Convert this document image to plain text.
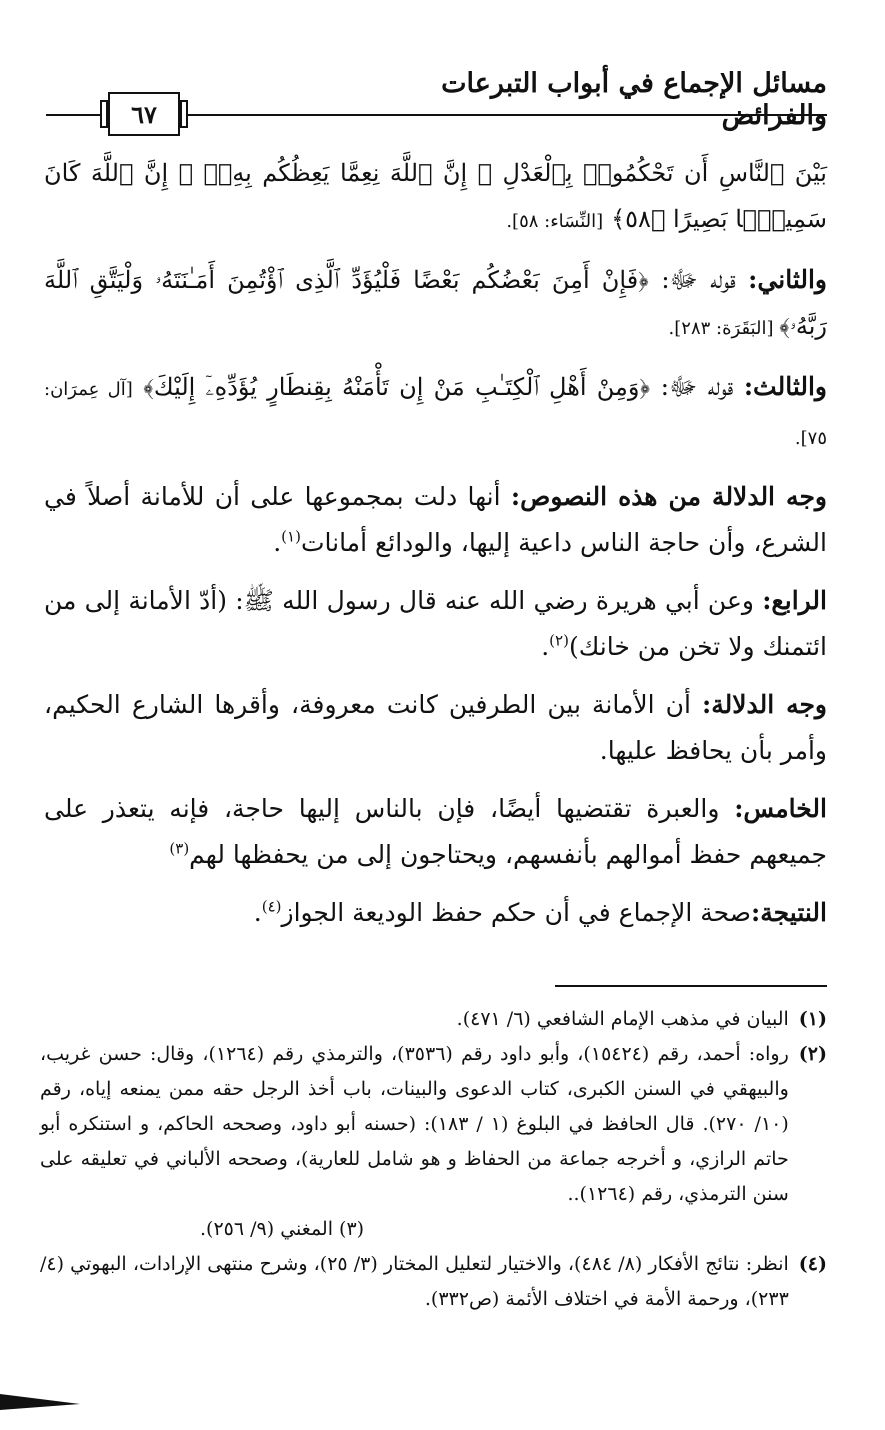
مسائل الإجماع في أبواب التبرعات والفرائض
٦٧

بَيْنَ ٱلنَّاسِ أَن تَحْكُمُوا۟ بِٱلْعَدْلِ ۚ إِنَّ ٱللَّهَ نِعِمَّا يَعِظُكُم بِهِۦٓ ۗ إِنَّ ٱللَّهَ كَانَ سَمِيعًۢا بَصِيرًا ﴿٥٨﴾ [النِّسَاء: ٥٨].

والثاني: قوله ﷻ: ﴿فَإِنْ أَمِنَ بَعْضُكُم بَعْضًا فَلْيُؤَدِّ ٱلَّذِى ٱؤْتُمِنَ أَمَـٰنَتَهُۥ وَلْيَتَّقِ ٱللَّهَ رَبَّهُۥ﴾ [البَقَرَة: ٢٨٣].

والثالث: قوله ﷻ: ﴿وَمِنْ أَهْلِ ٱلْكِتَـٰبِ مَنْ إِن تَأْمَنْهُ بِقِنطَارٍ يُؤَدِّهِۦٓ إِلَيْكَ﴾ [آل عِمرَان: ٧٥].

وجه الدلالة من هذه النصوص: أنها دلت بمجموعها على أن للأمانة أصلاً في الشرع، وأن حاجة الناس داعية إليها، والودائع أمانات$^{(١)}$.

الرابع: وعن أبي هريرة رضي الله عنه قال رسول الله ﷺ: (أدّ الأمانة إلى من ائتمنك ولا تخن من خانك)$^{(٢)}$.

وجه الدلالة: أن الأمانة بين الطرفين كانت معروفة، وأقرها الشارع الحكيم، وأمر بأن يحافظ عليها.

الخامس: والعبرة تقتضيها أيضًا، فإن بالناس إليها حاجة، فإنه يتعذر على جميعهم حفظ أموالهم بأنفسهم، ويحتاجون إلى من يحفظها لهم$^{(٣)}$

النتيجة:صحة الإجماع في أن حكم حفظ الوديعة الجواز$^{(٤)}$.

(١)
البيان في مذهب الإمام الشافعي (٦/ ٤٧١).
(٢)
رواه: أحمد، رقم (١٥٤٢٤)، وأبو داود رقم (٣٥٣٦)، والترمذي رقم (١٢٦٤)، وقال: حسن غريب، والبيهقي في السنن الكبرى، كتاب الدعوى والبينات، باب أخذ الرجل حقه ممن يمنعه إياه، رقم (١٠/ ٢٧٠). قال الحافظ في البلوغ (١ / ١٨٣): (حسنه أبو داود، وصححه الحاكم، و استنكره أبو حاتم الرازي، و أخرجه جماعة من الحفاظ و هو شامل للعارية)، وصححه الألباني في تعليقه على سنن الترمذي، رقم (١٢٦٤)..
(٣) المغني (٩/ ٢٥٦).
(٤)
انظر: نتائج الأفكار (٨/ ٤٨٤)، والاختيار لتعليل المختار (٣/ ٢٥)، وشرح منتهى الإرادات، البهوتي (٤/ ٢٣٣)، ورحمة الأمة في اختلاف الأئمة (ص٣٣٢).
